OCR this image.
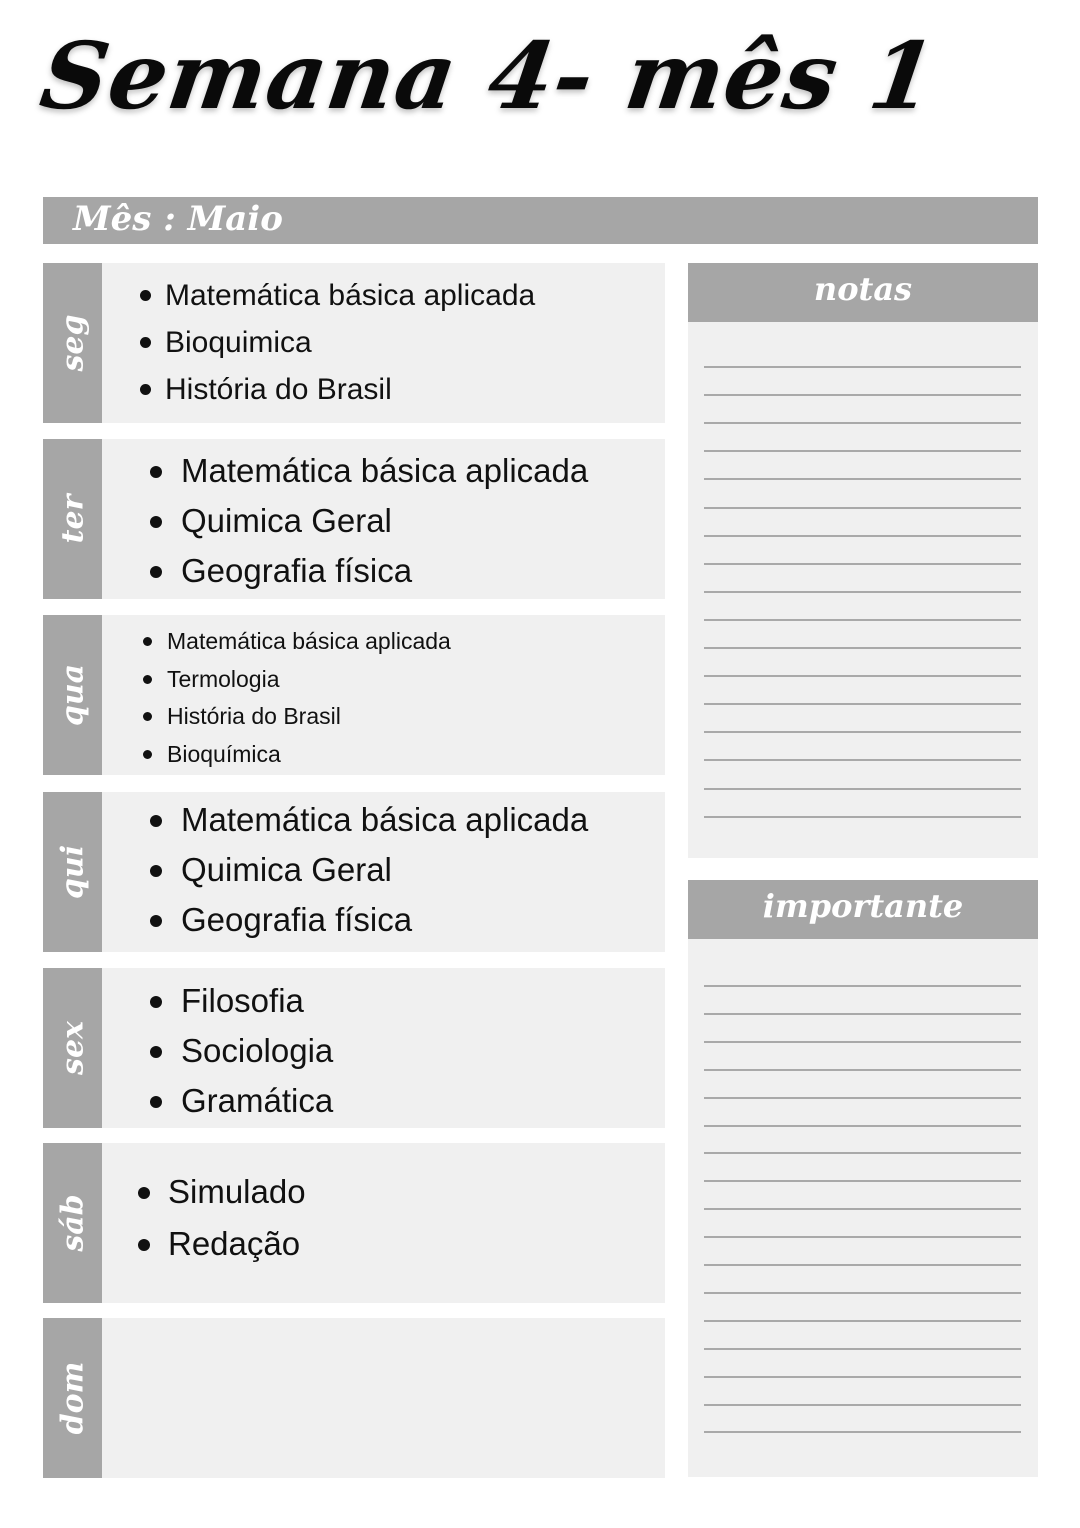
Semana 4- mês 1
Mês : Maio
seg
Matemática básica aplicada
Bioquimica
História do Brasil
ter
Matemática básica aplicada
Quimica Geral
Geografia física
qua
Matemática básica aplicada
Termologia
História do Brasil
Bioquímica
qui
Matemática básica aplicada
Quimica Geral
Geografia física
sex
Filosofia
Sociologia
Gramática
sáb
Simulado
Redação
dom
notas
importante
